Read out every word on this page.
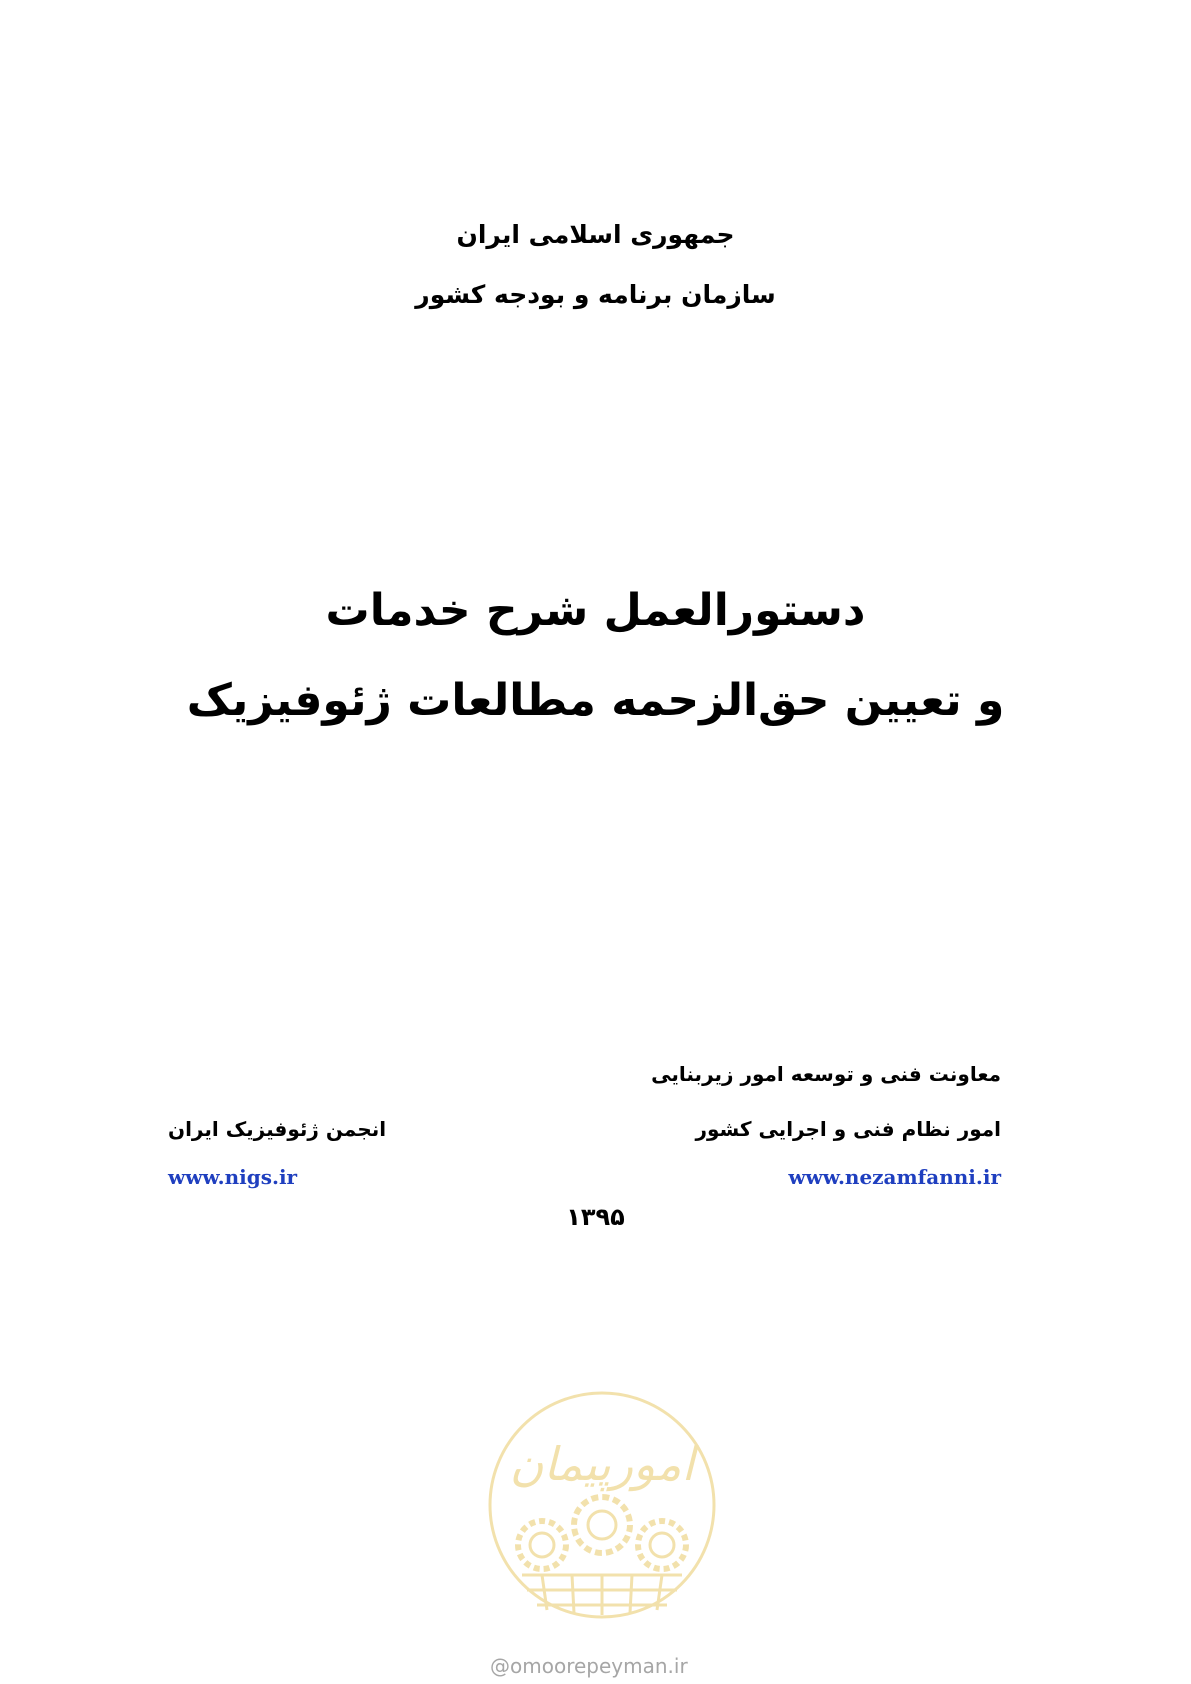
جمهوری اسلامی ایران
سازمان برنامه و بودجه کشور
دستورالعمل شرح خدمات
و تعیین حق‌الزحمه مطالعات ژئوفیزیک
معاونت فنی و توسعه امور زیربنایی
امور نظام فنی و اجرایی کشور
انجمن ژئوفیزیک ایران
www.nezamfanni.ir
www.nigs.ir
۱۳۹۵
امورپیمان
@omoorepeyman.ir
